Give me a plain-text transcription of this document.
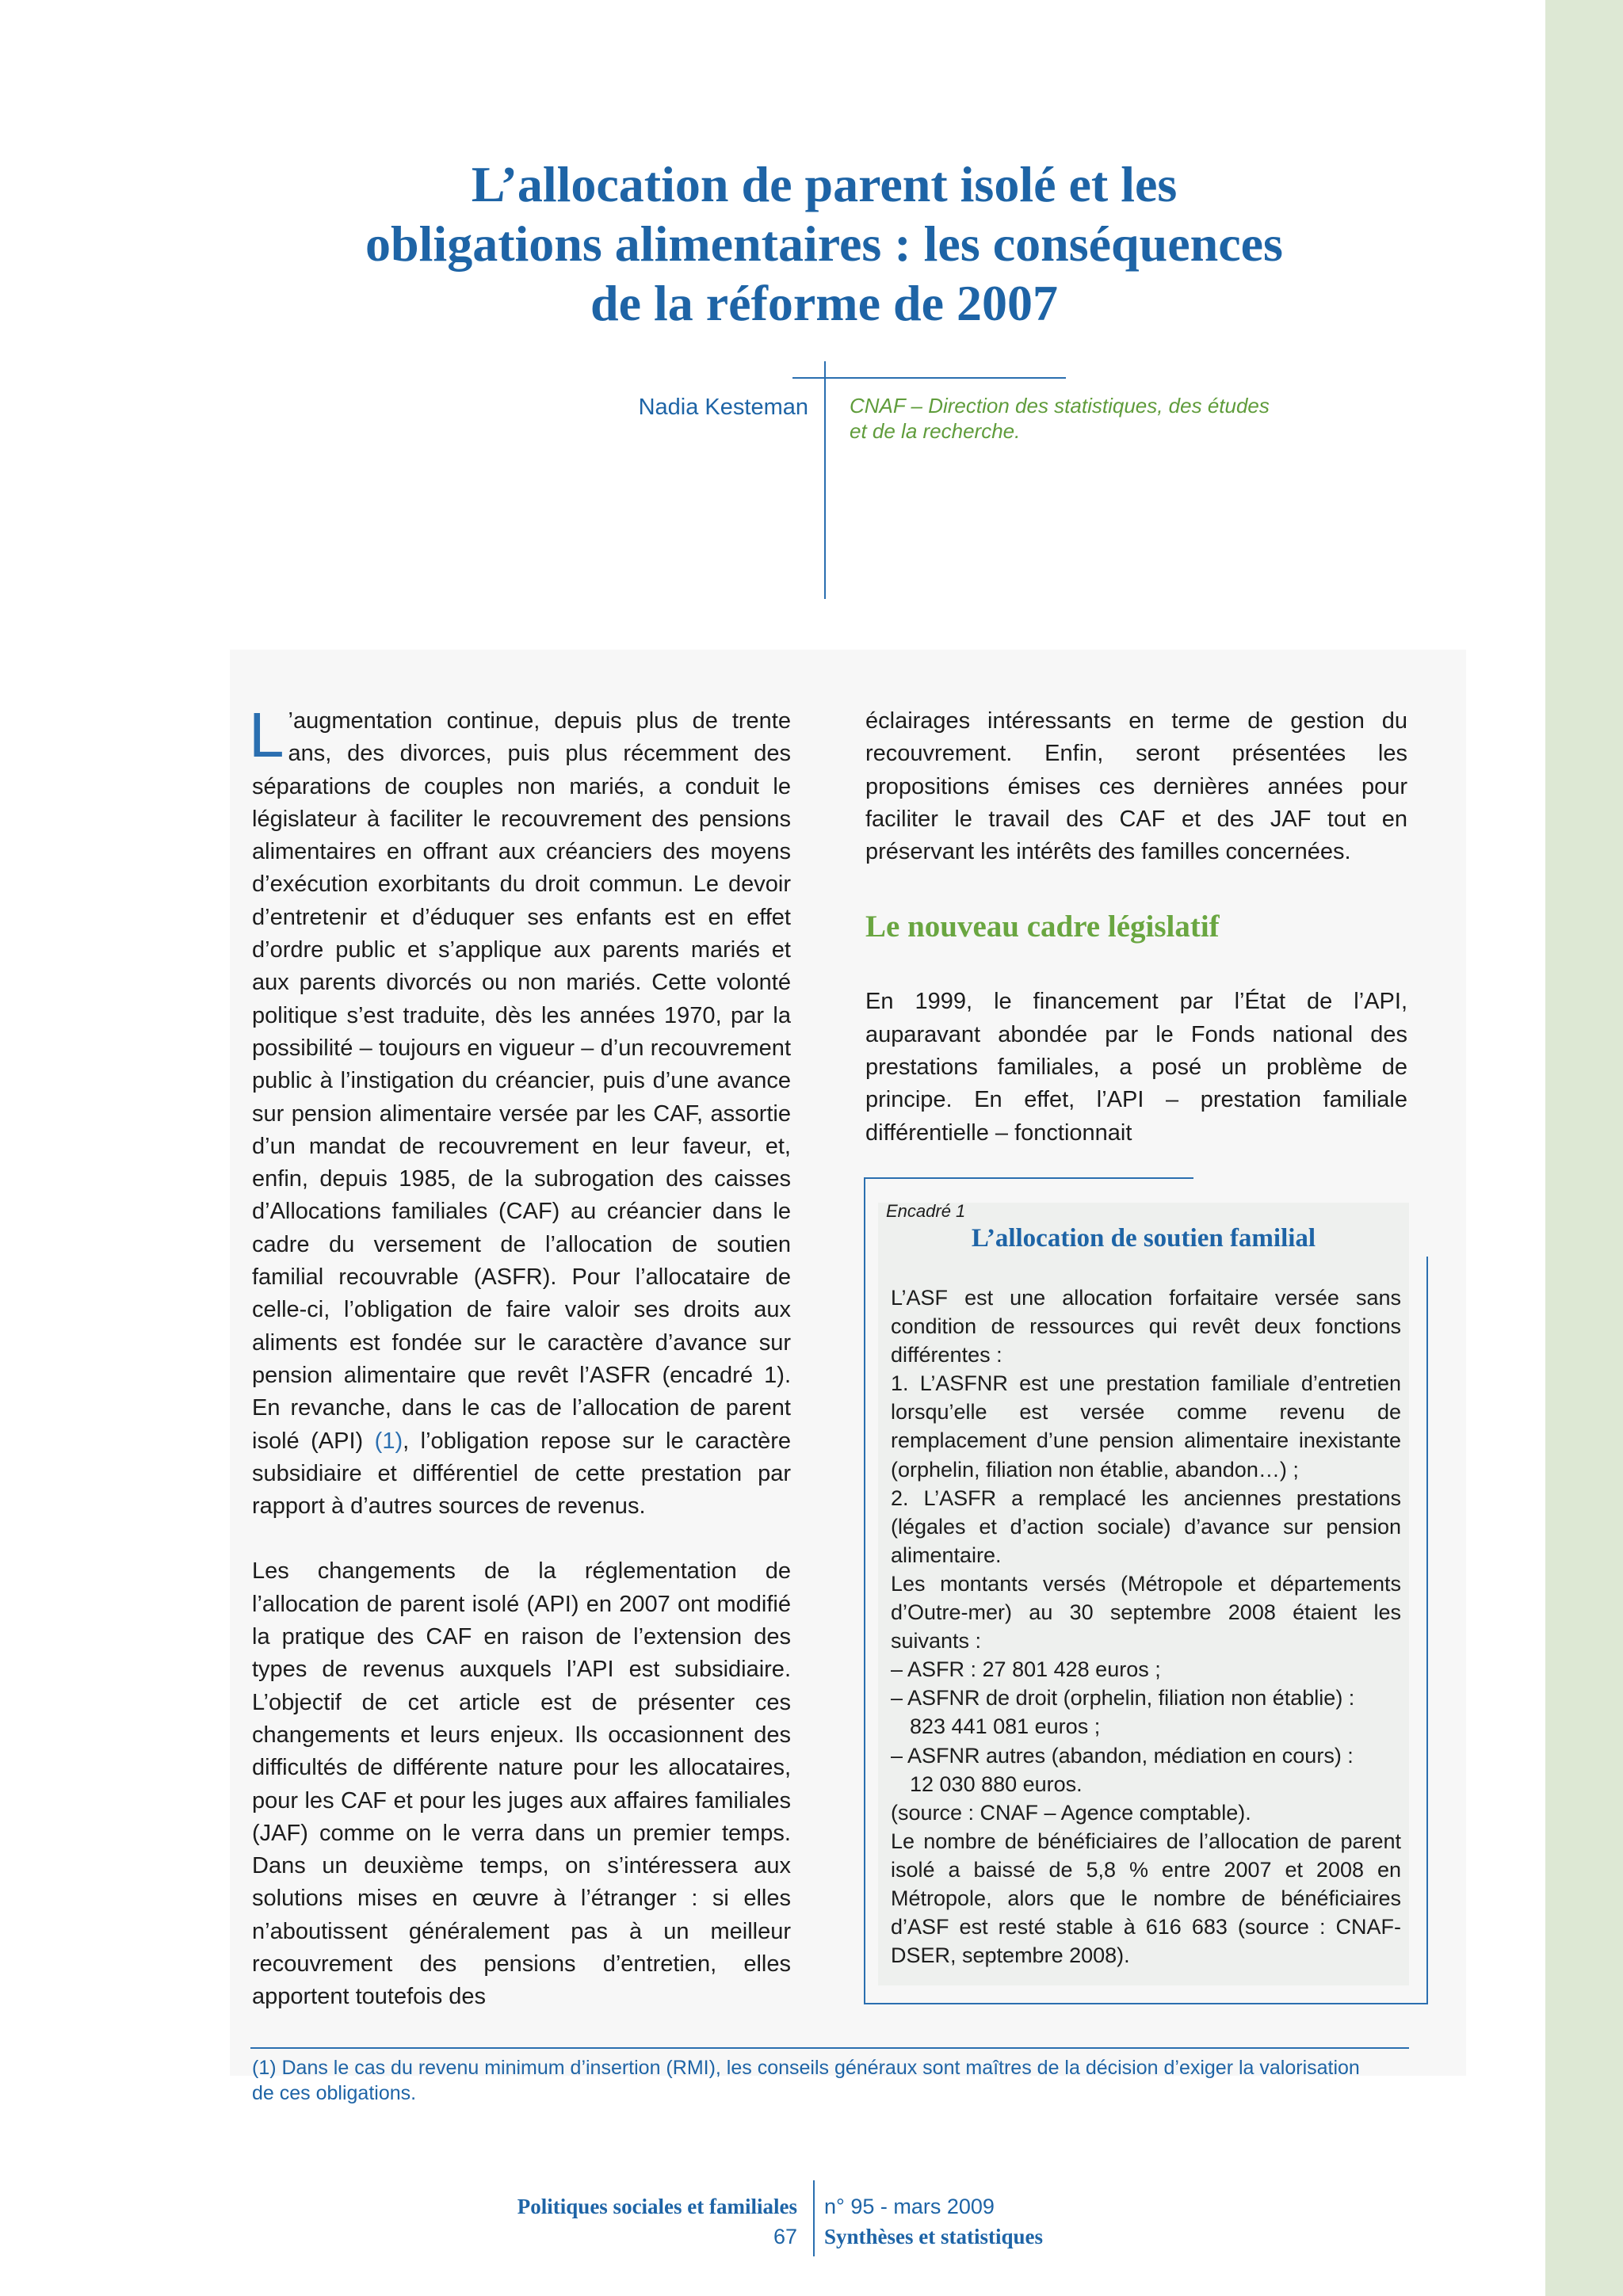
L’allocation de parent isolé et les
obligations alimentaires : les conséquences
de la réforme de 2007
Nadia Kesteman CNAF – Direction des statistiques, des études
et de la recherche.

L ’augmentation continue, depuis plus de trente ans, des divorces, puis plus récemment des séparations de couples non mariés, a conduit le législateur à faciliter le recouvrement des pensions alimentaires en offrant aux créanciers des moyens d’exécution exorbitants du droit commun. Le devoir d’entretenir et d’éduquer ses enfants est en effet d’ordre public et s’applique aux parents mariés et aux parents divorcés ou non mariés. Cette volonté politique s’est traduite, dès les années 1970, par la possibilité – toujours en vigueur – d’un recouvrement public à l’instigation du créancier, puis d’une avance sur pension alimentaire versée par les CAF, assortie d’un mandat de recouvrement en leur faveur, et, enfin, depuis 1985, de la subrogation des caisses d’Allocations familiales (CAF) au créancier dans le cadre du versement de l’allocation de soutien familial recouvrable (ASFR). Pour l’allocataire de celle-ci, l’obligation de faire valoir ses droits aux aliments est fondée sur le caractère d’avance sur pension alimentaire que revêt l’ASFR (encadré 1). En revanche, dans le cas de l’allocation de parent isolé (API) (1), l’obligation repose sur le caractère subsidiaire et différentiel de cette prestation par rapport à d’autres sources de revenus.

Les changements de la réglementation de l’allocation de parent isolé (API) en 2007 ont modifié la pratique des CAF en raison de l’extension des types de revenus auxquels l’API est subsidiaire. L’objectif de cet article est de présenter ces changements et leurs enjeux. Ils occasionnent des difficultés de différente nature pour les allocataires, pour les CAF et pour les juges aux affaires familiales (JAF) comme on le verra dans un premier temps. Dans un deuxième temps, on s’intéressera aux solutions mises en œuvre à l’étranger : si elles n’aboutissent généralement pas à un meilleur recouvrement des pensions d’entretien, elles apportent toutefois des

éclairages intéressants en terme de gestion du recouvrement. Enfin, seront présentées les propositions émises ces dernières années pour faciliter le travail des CAF et des JAF tout en préservant les intérêts des familles concernées.

Le nouveau cadre législatif

En 1999, le financement par l’État de l’API, auparavant abondée par le Fonds national des prestations familiales, a posé un problème de principe. En effet, l’API – prestation familiale différentielle – fonctionnait

Encadré 1
L’allocation de soutien familial

L’ASF est une allocation forfaitaire versée sans condition de ressources qui revêt deux fonctions différentes :

1. L’ASFNR est une prestation familiale d’entretien lorsqu’elle est versée comme revenu de remplacement d’une pension alimentaire inexistante (orphelin, filiation non établie, abandon…) ;

2. L’ASFR a remplacé les anciennes prestations (légales et d’action sociale) d’avance sur pension alimentaire.

Les montants versés (Métropole et départements d’Outre-mer) au 30 septembre 2008 étaient les suivants :

– ASFR : 27 801 428 euros ;

– ASFNR de droit (orphelin, filiation non établie) :

823 441 081 euros ;

– ASFNR autres (abandon, médiation en cours) :

12 030 880 euros.

(source : CNAF – Agence comptable).

Le nombre de bénéficiaires de l’allocation de parent isolé a baissé de 5,8 % entre 2007 et 2008 en Métropole, alors que le nombre de bénéficiaires d’ASF est resté stable à 616 683 (source : CNAF-DSER, septembre 2008).

(1) Dans le cas du revenu minimum d’insertion (RMI), les conseils généraux sont maîtres de la décision d’exiger la valorisation
de ces obligations.
Politiques sociales et familiales n° 95 - mars 2009
67 Synthèses et statistiques
